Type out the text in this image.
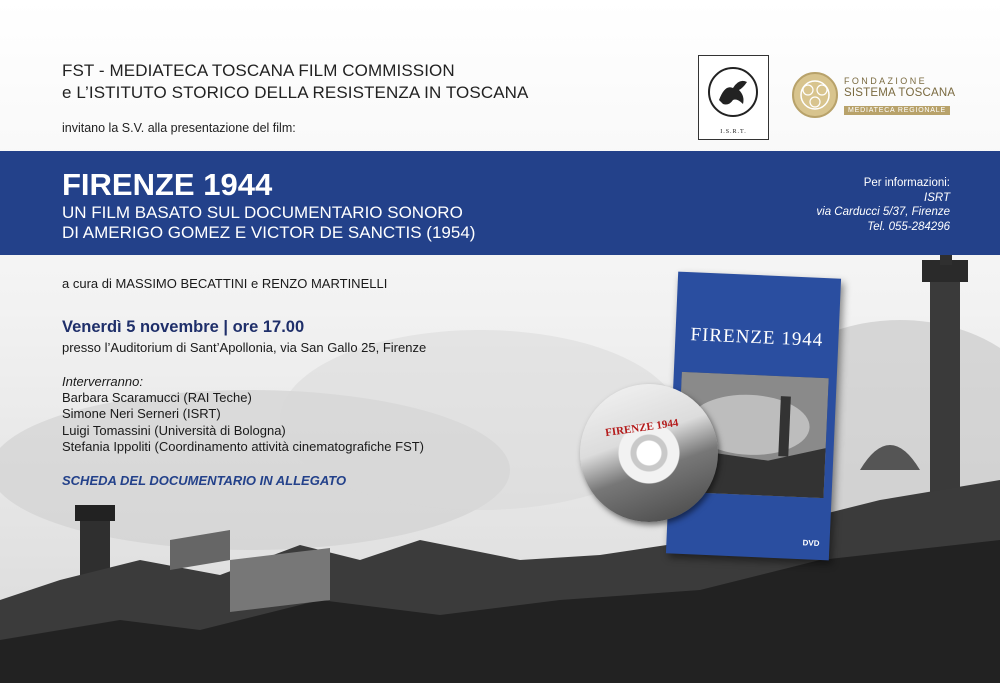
FST - MEDIATECA TOSCANA FILM COMMISSION
e L’ISTITUTO STORICO DELLA RESISTENZA IN TOSCANA
invitano la S.V. alla presentazione del film:	I.S.R.T.
FONDAZIONE
SISTEMA TOSCANA
MEDIATECA REGIONALE
FIRENZE 1944
UN FILM BASATO SUL DOCUMENTARIO SONORO
DI AMERIGO GOMEZ E VICTOR DE SANCTIS (1954)
Per informazioni:
ISRT
via Carducci 5/37, Firenze
Tel. 055-284296
a cura di MASSIMO BECATTINI e RENZO MARTINELLI
Venerdì 5 novembre | ore 17.00
presso l’Auditorium di Sant’Apollonia, via San Gallo 25, Firenze
Interverranno:
Barbara Scaramucci (RAI Teche)
Simone Neri Serneri (ISRT)
Luigi Tomassini (Università di Bologna)
Stefania Ippoliti (Coordinamento attività cinematografiche FST)
SCHEDA DEL DOCUMENTARIO IN ALLEGATO
FIRENZE 1944
DVD
FIRENZE 1944
